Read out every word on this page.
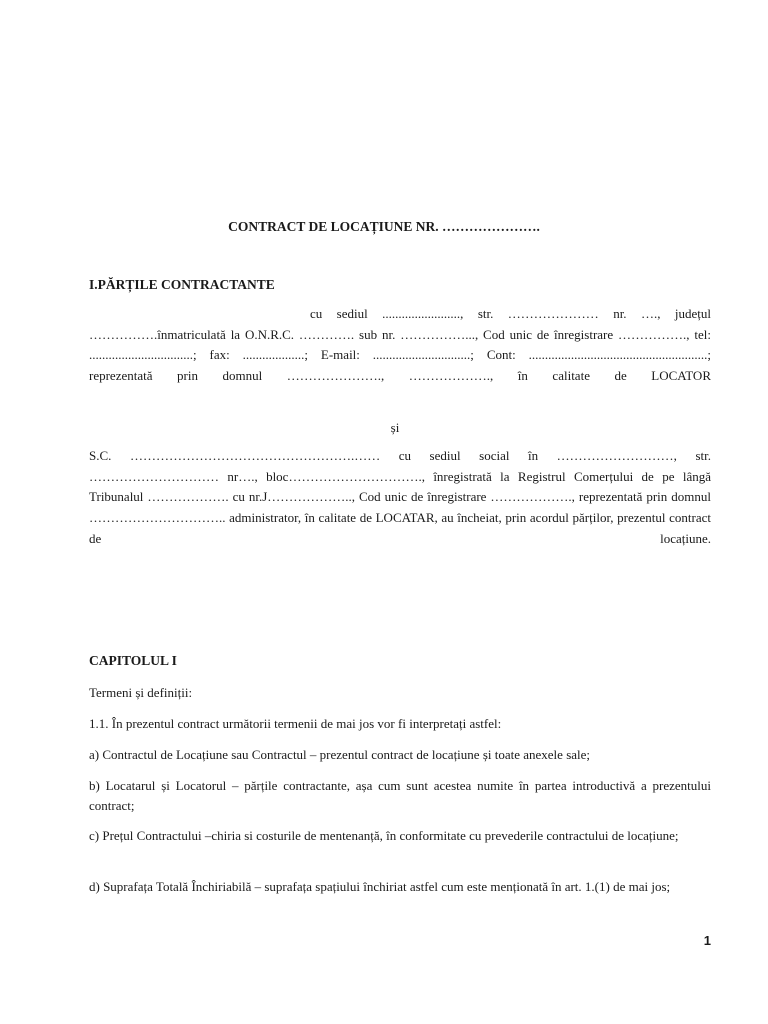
CONTRACT DE LOCAȚIUNE NR. ………………….
I.PĂRȚILE CONTRACTANTE
cu sediul ........................, str. ………………… nr. …., județul …………….înmatriculată la O.N.R.C. …………. sub nr. ……………..., Cod unic de înregistrare ……………., tel: ................................; fax: ...................; E-mail: ..............................; Cont: .......................................................; reprezentată prin domnul …………………., ………………., în calitate de LOCATOR
și
S.C. …………………………………………….…… cu sediul social în ………………………, str. ………………………… nr…., bloc…………………………., înregistrată la Registrul Comerțului de pe lângă Tribunalul ………………. cu nr.J……………….., Cod unic de înregistrare ………………., reprezentată prin domnul ………………………….. administrator, în calitate de LOCATAR, au încheiat, prin acordul părților, prezentul contract de locațiune.
CAPITOLUL I
Termeni și definiții:
1.1. În prezentul contract următorii termenii de mai jos vor fi interpretați astfel:
a) Contractul de Locațiune sau Contractul – prezentul contract de locațiune și toate anexele sale;
b) Locatarul și Locatorul – părțile contractante, așa cum sunt acestea numite în partea introductivă a prezentului contract;
c) Prețul Contractului –chiria si costurile de mentenanță, în conformitate cu prevederile contractului de locațiune;
d) Suprafața Totală Închiriabilă – suprafața spațiului închiriat astfel cum este menționată în art. 1.(1) de mai jos;
1
